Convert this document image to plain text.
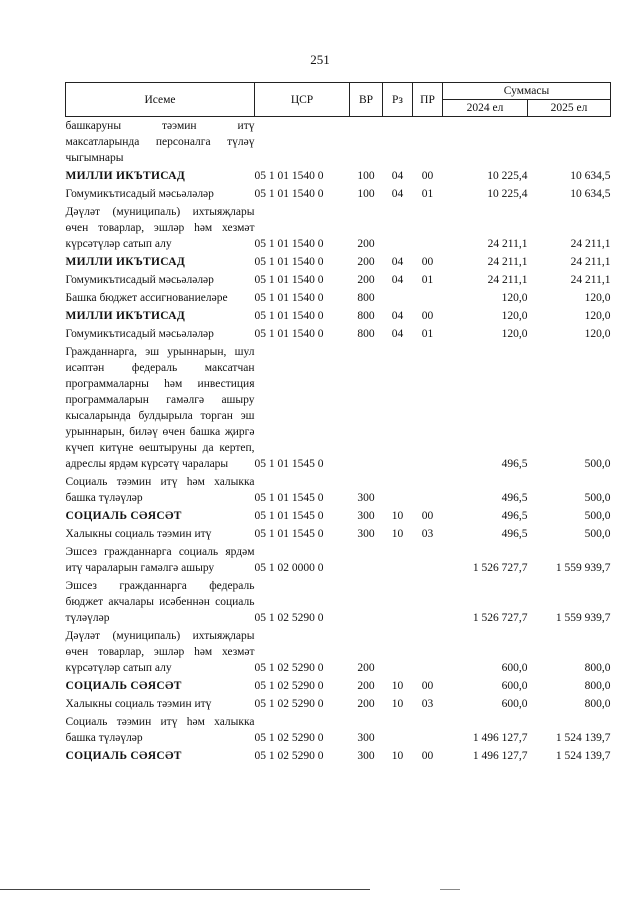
251
Исеме	ЦСР	ВР	Рз	ПР	Суммасы	
					2024 ел	2025 ел
башкаруны тәэмин итү максатларында персоналга түләү чыгымнары						
МИЛЛИ ИКЪТИСАД	05 1 01 1540 0	100	04	00	10 225,4	10 634,5
Гомумикътисадый мәсьәләләр	05 1 01 1540 0	100	04	01	10 225,4	10 634,5
Дәүләт (муниципаль) ихтыяҗлары өчен товарлар, эшләр һәм хезмәт күрсәтүләр сатып алу	05 1 01 1540 0	200			24 211,1	24 211,1
МИЛЛИ ИКЪТИСАД	05 1 01 1540 0	200	04	00	24 211,1	24 211,1
Гомумикътисадый мәсьәләләр	05 1 01 1540 0	200	04	01	24 211,1	24 211,1
Башка бюджет ассигнованиеләре	05 1 01 1540 0	800			120,0	120,0
МИЛЛИ ИКЪТИСАД	05 1 01 1540 0	800	04	00	120,0	120,0
Гомумикътисадый мәсьәләләр	05 1 01 1540 0	800	04	01	120,0	120,0
Гражданнарга, эш урыннарын, шул исәптән федераль максатчан программаларны һәм инвестиция программаларын гамәлгә ашыру кысаларында булдырыла торган эш урыннарын, биләү өчен башка җиргә күчеп китүне өештыруны да кертеп, адреслы ярдәм күрсәтү чаралары	05 1 01 1545 0				496,5	500,0
Социаль тәэмин итү һәм халыкка башка түләүләр	05 1 01 1545 0	300			496,5	500,0
СОЦИАЛЬ СӘЯСӘТ	05 1 01 1545 0	300	10	00	496,5	500,0
Халыкны социаль тәэмин итү	05 1 01 1545 0	300	10	03	496,5	500,0
Эшсез гражданнарга социаль ярдәм итү чараларын гамәлгә ашыру	05 1 02 0000 0				1 526 727,7	1 559 939,7
Эшсез гражданнарга федераль бюджет акчалары исәбеннән социаль түләүләр	05 1 02 5290 0				1 526 727,7	1 559 939,7
Дәүләт (муниципаль) ихтыяҗлары өчен товарлар, эшләр һәм хезмәт күрсәтүләр сатып алу	05 1 02 5290 0	200			600,0	800,0
СОЦИАЛЬ СӘЯСӘТ	05 1 02 5290 0	200	10	00	600,0	800,0
Халыкны социаль тәэмин итү	05 1 02 5290 0	200	10	03	600,0	800,0
Социаль тәэмин итү һәм халыкка башка түләүләр	05 1 02 5290 0	300			1 496 127,7	1 524 139,7
СОЦИАЛЬ СӘЯСӘТ	05 1 02 5290 0	300	10	00	1 496 127,7	1 524 139,7
